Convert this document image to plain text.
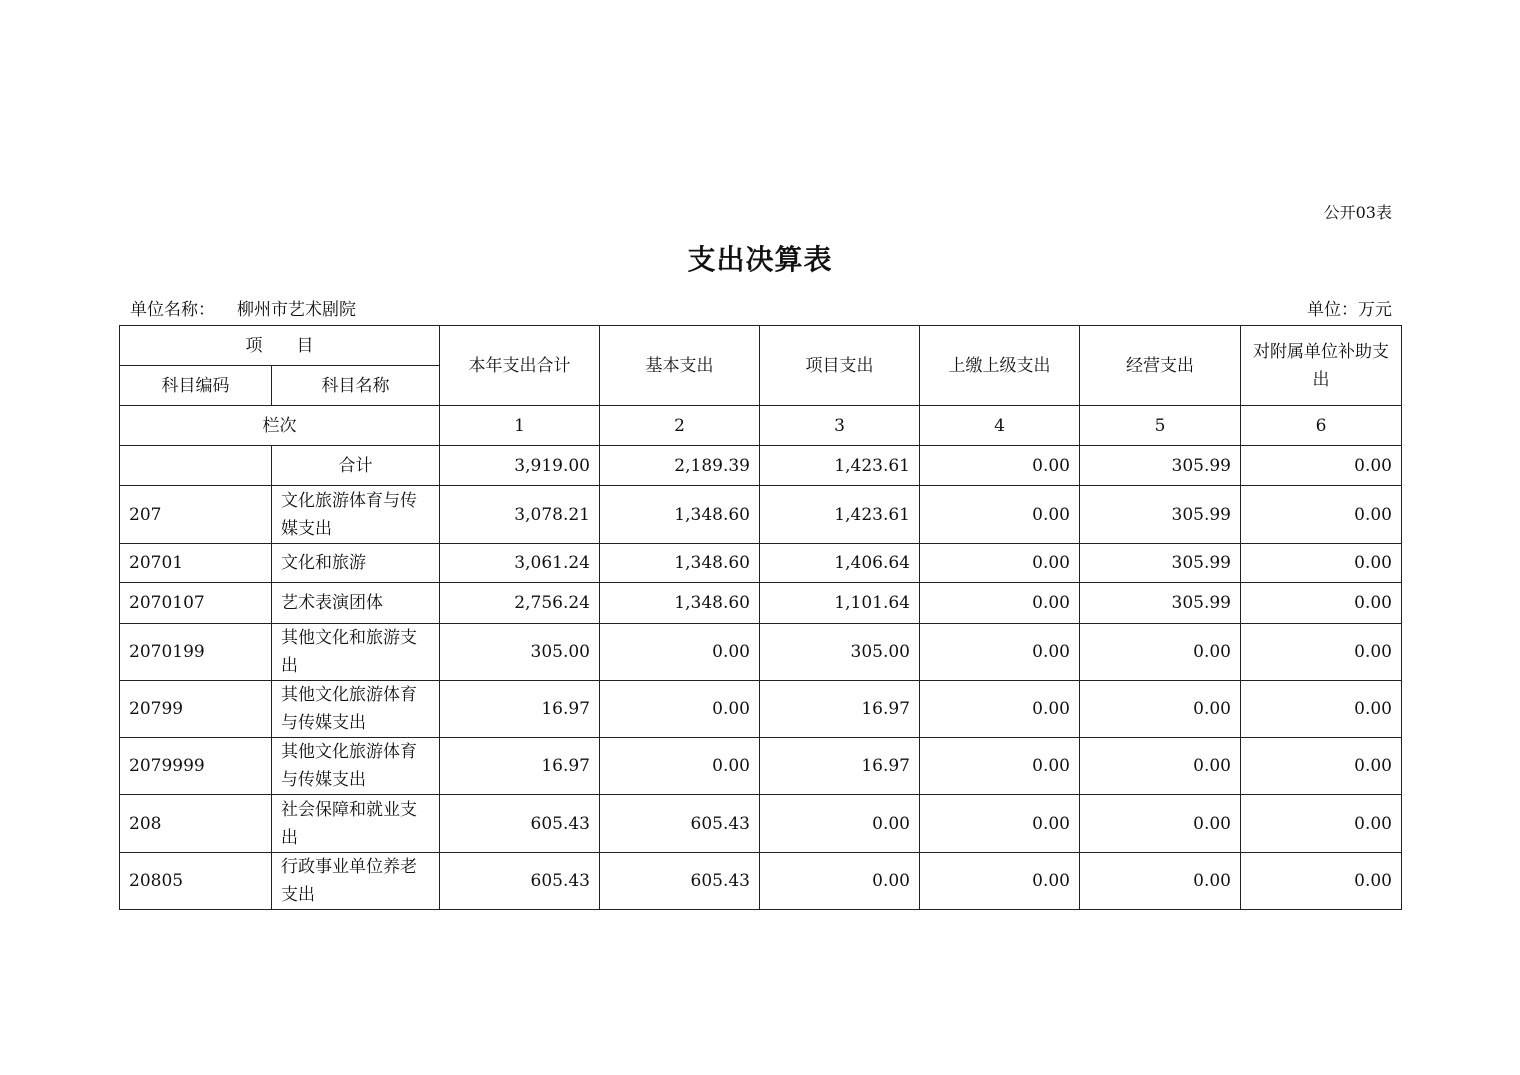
公开03表
支出决算表
单位名称： 柳州市艺术剧院	单位：万元
项　　目		本年支出合计	基本支出	项目支出	上缴上级支出	经营支出	对附属单位补助支出
科目编码	科目名称						
栏次		1	2	3	4	5	6
	合计	3,919.00	2,189.39	1,423.61	0.00	305.99	0.00
207	文化旅游体育与传媒支出	3,078.21	1,348.60	1,423.61	0.00	305.99	0.00
20701	文化和旅游	3,061.24	1,348.60	1,406.64	0.00	305.99	0.00
2070107	艺术表演团体	2,756.24	1,348.60	1,101.64	0.00	305.99	0.00
2070199	其他文化和旅游支出	305.00	0.00	305.00	0.00	0.00	0.00
20799	其他文化旅游体育与传媒支出	16.97	0.00	16.97	0.00	0.00	0.00
2079999	其他文化旅游体育与传媒支出	16.97	0.00	16.97	0.00	0.00	0.00
208	社会保障和就业支出	605.43	605.43	0.00	0.00	0.00	0.00
20805	行政事业单位养老支出	605.43	605.43	0.00	0.00	0.00	0.00
